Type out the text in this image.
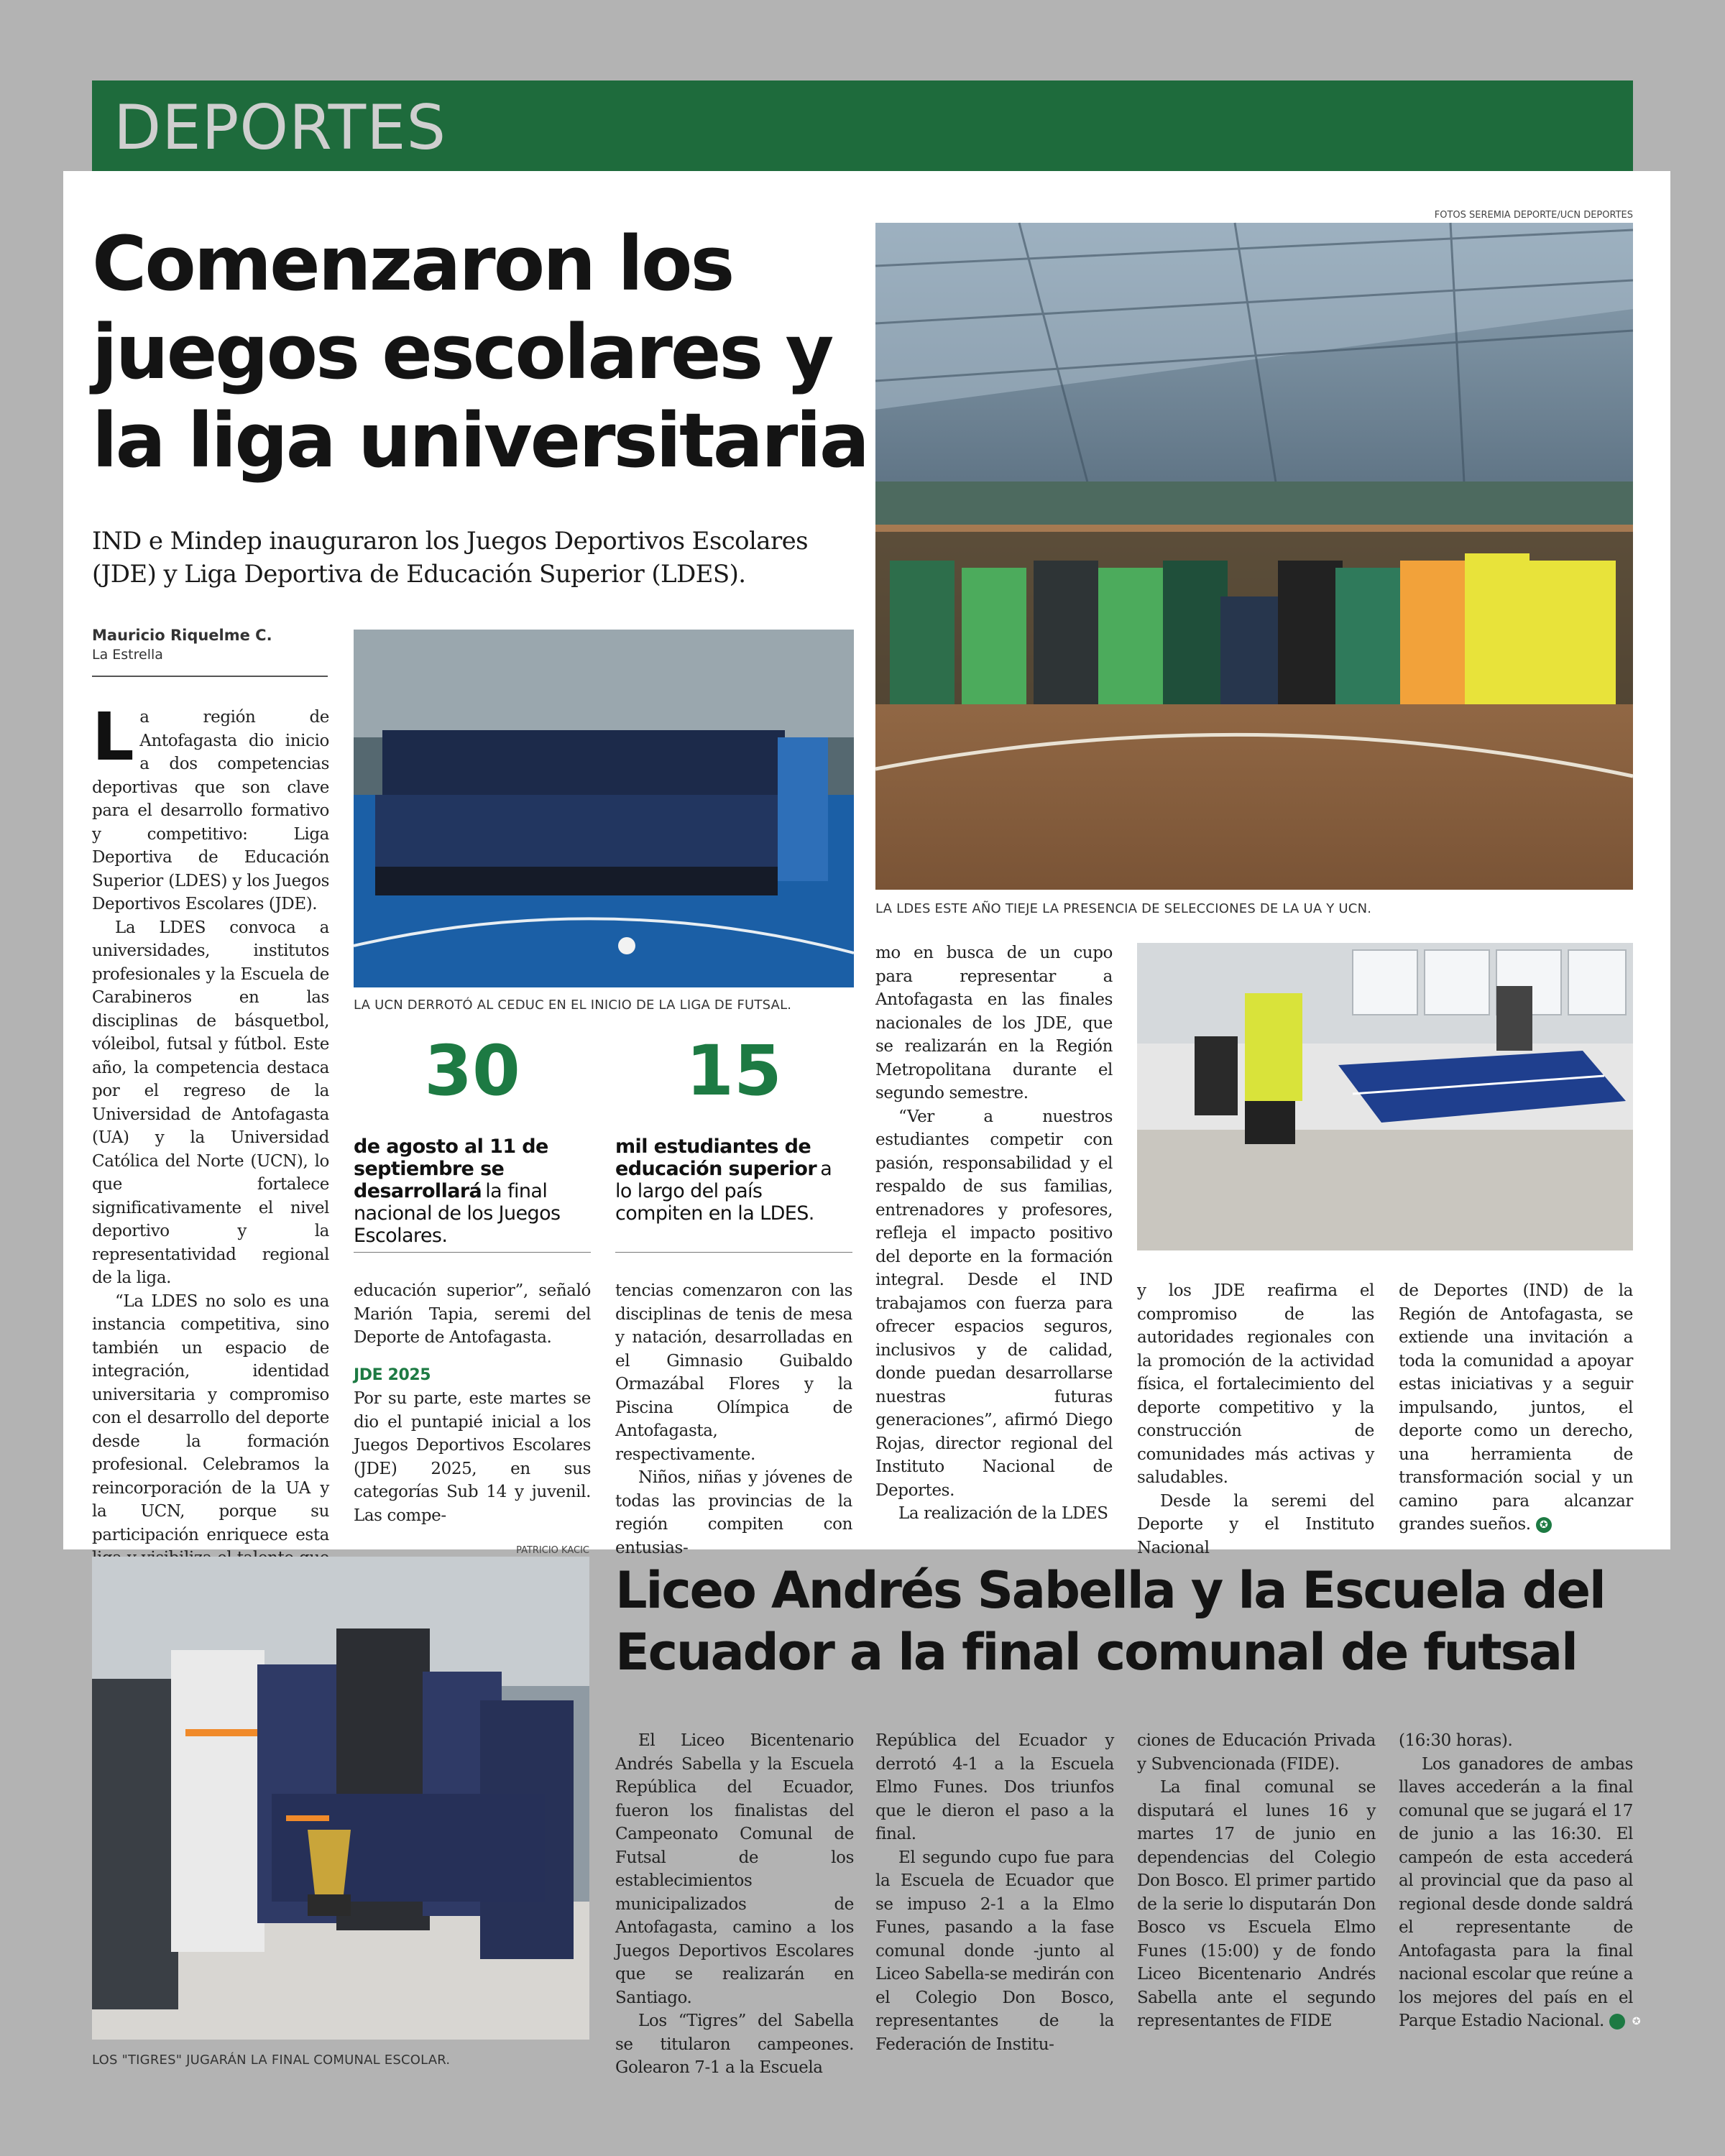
DEPORTES
Comenzaron los juegos escolares y la liga universitaria
IND e Mindep inauguraron los Juegos Deportivos Escolares (JDE) y Liga Deportiva de Educación Superior (LDES).
Mauricio Riquelme C.
La Estrella
FOTOS SEREMIA DEPORTE/UCN DEPORTES
LA LDES ESTE AÑO TIEJE LA PRESENCIA DE SELECCIONES DE LA UA Y UCN.
LA UCN DERROTÓ AL CEDUC EN EL INICIO DE LA LIGA DE FUTSAL.
L a región de Antofagasta dio inicio a dos competencias deportivas que son clave para el desarrollo formativo y competitivo: Liga Deportiva de Educación Superior (LDES) y los Juegos Deportivos Escolares (JDE).

La LDES convoca a universidades, institutos profesionales y la Escuela de Carabineros en las disciplinas de básquetbol, vóleibol, futsal y fútbol. Este año, la competencia destaca por el regreso de la Universidad de Antofagasta (UA) y la Universidad Católica del Norte (UCN), lo que fortalece significativamente el nivel deportivo y la representatividad regional de la liga.

“La LDES no solo es una instancia competitiva, sino también un espacio de integración, identidad universitaria y compromiso con el desarrollo del deporte desde la formación profesional. Celebramos la reincorporación de la UA y la UCN, porque su participación enriquece esta

30
de agosto al 11 de septiembre se desarrollará la final nacional de los Juegos Escolares.
15
mil estudiantes de educación superior a lo largo del país compiten en la LDES.

educación superior”, señaló Marión Tapia, seremi del Deporte de Antofagasta.

JDE 2025

Por su parte, este martes se dio el puntapié inicial a los Juegos Deportivos Escolares (JDE) 2025, en sus categorías Sub 14 y juvenil. Las compe-

tencias comenzaron con las disciplinas de tenis de mesa y natación, desarrolladas en el Gimnasio Guibaldo Ormazábal Flores y la Piscina Olímpica de Antofagasta, respectivamente.

Niños, niñas y jóvenes de todas las provincias de la región compiten con entusias-

mo en busca de un cupo para representar a Antofagasta en las finales nacionales de los JDE, que se realizarán en la Región Metropolitana durante el segundo semestre.

“Ver a nuestros estudiantes competir con pasión, responsabilidad y el respaldo de sus familias, entrenadores y profesores, refleja el impacto positivo del deporte en la formación integral. Desde el IND trabajamos con fuerza para ofrecer espacios seguros, inclusivos y de calidad, donde puedan desarrollarse nuestras futuras generaciones”, afirmó Diego Rojas, director regional del Instituto Nacional de Deportes.

La realización de la LDES

y los JDE reafirma el compromiso de las autoridades regionales con la promoción de la actividad física, el fortalecimiento del deporte competitivo y la construcción de comunidades más activas y saludables.

Desde la seremi del Deporte y el Instituto Nacional

de Deportes (IND) de la Región de Antofagasta, se extiende una invitación a toda la comunidad a apoyar estas iniciativas y a seguir impulsando, juntos, el deporte como un derecho, una herramienta de transformación social y un camino para alcanzar grandes sueños. ✪

PATRICIO KACIC
LOS "TIGRES" JUGARÁN LA FINAL COMUNAL ESCOLAR.
Liceo Andrés Sabella y la Escuela del Ecuador a la final comunal de futsal

El Liceo Bicentenario Andrés Sabella y la Escuela República del Ecuador, fueron los finalistas del Campeonato Comunal de Futsal de los establecimientos municipalizados de Antofagasta, camino a los Juegos Deportivos Escolares que se realizarán en Santiago.

Los “Tigres” del Sabella se titularon campeones. Golearon 7-1 a la Escuela

República del Ecuador y derrotó 4-1 a la Escuela Elmo Funes. Dos triunfos que le dieron el paso a la final.

El segundo cupo fue para la Escuela de Ecuador que se impuso 2-1 a la Elmo Funes, pasando a la fase comunal donde -junto al Liceo Sabella-se medirán con el Colegio Don Bosco, representantes de la Federación de Institu-

ciones de Educación Privada y Subvencionada (FIDE).

La final comunal se disputará el lunes 16 y martes 17 de junio en dependencias del Colegio Don Bosco. El primer partido de la serie lo disputarán Don Bosco vs Escuela Elmo Funes (15:00) y de fondo Liceo Bicentenario Andrés Sabella ante el segundo representantes de FIDE

(16:30 horas).

Los ganadores de ambas llaves accederán a la final comunal que se jugará el 17 de junio a las 16:30. El campeón de esta accederá al provincial que da paso al regional desde donde saldrá el representante de Antofagasta para la final nacional escolar que reúne a los mejores del país en el Parque Estadio Nacional.	✪
